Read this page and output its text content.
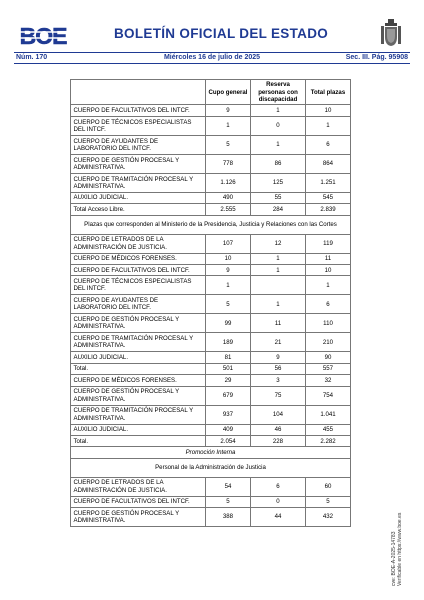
BOE	BOLETÍN OFICIAL DEL ESTADO
Núm. 170	Miércoles 16 de julio de 2025	Sec. III. Pág. 95908
	Cupo general	Reserva personas con discapacidad	Total plazas
CUERPO DE FACULTATIVOS DEL INTCF.	9	1	10
CUERPO DE TÉCNICOS ESPECIALISTAS DEL INTCF.	1	0	1
CUERPO DE AYUDANTES DE LABORATORIO DEL INTCF.	5	1	6
CUERPO DE GESTIÓN PROCESAL Y ADMINISTRATIVA.	778	86	864
CUERPO DE TRAMITACIÓN PROCESAL Y ADMINISTRATIVA.	1.126	125	1.251
AUXILIO JUDICIAL.	490	55	545
Total Acceso Libre.	2.555	284	2.839
Plazas que corresponden al Ministerio de la Presidencia, Justicia y Relaciones con las Cortes			
CUERPO DE LETRADOS DE LA ADMINISTRACIÓN DE JUSTICIA.	107	12	119
CUERPO DE MÉDICOS FORENSES.	10	1	11
CUERPO DE FACULTATIVOS DEL INTCF.	9	1	10
CUERPO DE TÉCNICOS ESPECIALISTAS DEL INTCF.	1		1
CUERPO DE AYUDANTES DE LABORATORIO DEL INTCF.	5	1	6
CUERPO DE GESTIÓN PROCESAL Y ADMINISTRATIVA.	99	11	110
CUERPO DE TRAMITACIÓN PROCESAL Y ADMINISTRATIVA.	189	21	210
AUXILIO JUDICIAL.	81	9	90
Total.	501	56	557
CUERPO DE MÉDICOS FORENSES.	29	3	32
CUERPO DE GESTIÓN PROCESAL Y ADMINISTRATIVA.	679	75	754
CUERPO DE TRAMITACIÓN PROCESAL Y ADMINISTRATIVA.	937	104	1.041
AUXILIO JUDICIAL.	409	46	455
Total.	2.054	228	2.282
Promoción Interna			
Personal de la Administración de Justicia			
CUERPO DE LETRADOS DE LA ADMINISTRACIÓN DE JUSTICIA.	54	6	60
CUERPO DE FACULTATIVOS DEL INTCF.	5	0	5
CUERPO DE GESTIÓN PROCESAL Y ADMINISTRATIVA.	388	44	432
cve: BOE-A-2025-14783 Verificable en https://www.boe.es
